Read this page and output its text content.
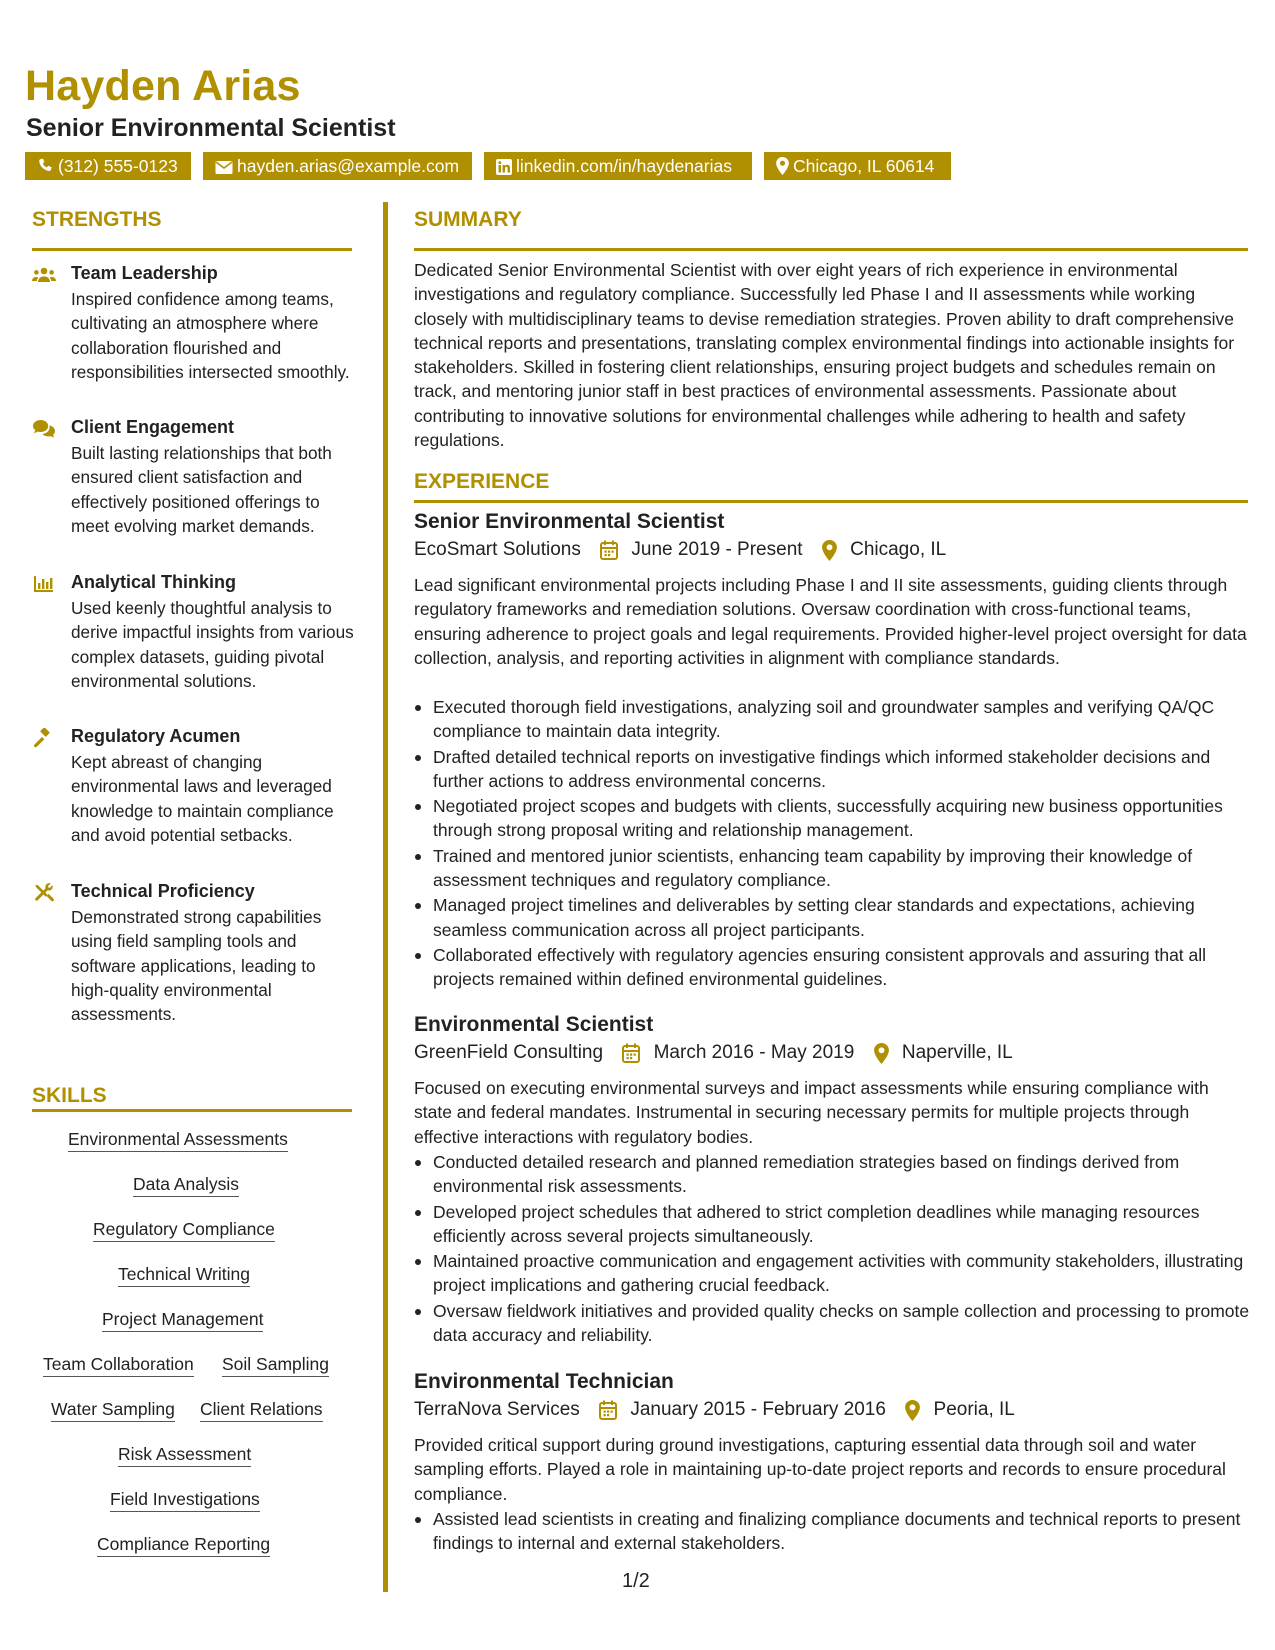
Hayden Arias
Senior Environmental Scientist
(312) 555-0123	hayden.arias@example.com	linkedin.com/in/haydenarias	Chicago, IL 60614
STRENGTHS
Team Leadership
Inspired confidence among teams, cultivating an atmosphere where collaboration flourished and responsibilities intersected smoothly.
Client Engagement
Built lasting relationships that both ensured client satisfaction and effectively positioned offerings to meet evolving market demands.
Analytical Thinking
Used keenly thoughtful analysis to derive impactful insights from various complex datasets, guiding pivotal environmental solutions.
Regulatory Acumen
Kept abreast of changing environmental laws and leveraged knowledge to maintain compliance and avoid potential setbacks.
Technical Proficiency
Demonstrated strong capabilities using field sampling tools and software applications, leading to high-quality environmental assessments.
SKILLS
Environmental Assessments
Data Analysis
Regulatory Compliance
Technical Writing
Project Management
Team Collaboration Soil Sampling
Water Sampling Client Relations
Risk Assessment
Field Investigations
Compliance Reporting
SUMMARY

Dedicated Senior Environmental Scientist with over eight years of rich experience in environmental investigations and regulatory compliance. Successfully led Phase I and II assessments while working closely with multidisciplinary teams to devise remediation strategies. Proven ability to draft comprehensive technical reports and presentations, translating complex environmental findings into actionable insights for stakeholders. Skilled in fostering client relationships, ensuring project budgets and schedules remain on track, and mentoring junior staff in best practices of environmental assessments. Passionate about contributing to innovative solutions for environmental challenges while adhering to health and safety regulations.

EXPERIENCE
Senior Environmental Scientist
EcoSmart Solutions	June 2019 - Present	Chicago, IL

Lead significant environmental projects including Phase I and II site assessments, guiding clients through regulatory frameworks and remediation solutions. Oversaw coordination with cross-functional teams, ensuring adherence to project goals and legal requirements. Provided higher-level project oversight for data collection, analysis, and reporting activities in alignment with compliance standards.

Executed thorough field investigations, analyzing soil and groundwater samples and verifying QA/QC compliance to maintain data integrity.
Drafted detailed technical reports on investigative findings which informed stakeholder decisions and further actions to address environmental concerns.
Negotiated project scopes and budgets with clients, successfully acquiring new business opportunities through strong proposal writing and relationship management.
Trained and mentored junior scientists, enhancing team capability by improving their knowledge of assessment techniques and regulatory compliance.
Managed project timelines and deliverables by setting clear standards and expectations, achieving seamless communication across all project participants.
Collaborated effectively with regulatory agencies ensuring consistent approvals and assuring that all projects remained within defined environmental guidelines.
Environmental Scientist
GreenField Consulting	March 2016 - May 2019	Naperville, IL

Focused on executing environmental surveys and impact assessments while ensuring compliance with state and federal mandates. Instrumental in securing necessary permits for multiple projects through effective interactions with regulatory bodies.

Conducted detailed research and planned remediation strategies based on findings derived from environmental risk assessments.
Developed project schedules that adhered to strict completion deadlines while managing resources efficiently across several projects simultaneously.
Maintained proactive communication and engagement activities with community stakeholders, illustrating project implications and gathering crucial feedback.
Oversaw fieldwork initiatives and provided quality checks on sample collection and processing to promote data accuracy and reliability.
Environmental Technician
TerraNova Services	January 2015 - February 2016	Peoria, IL

Provided critical support during ground investigations, capturing essential data through soil and water sampling efforts. Played a role in maintaining up-to-date project reports and records to ensure procedural compliance.

Assisted lead scientists in creating and finalizing compliance documents and technical reports to present findings to internal and external stakeholders.
1/2
